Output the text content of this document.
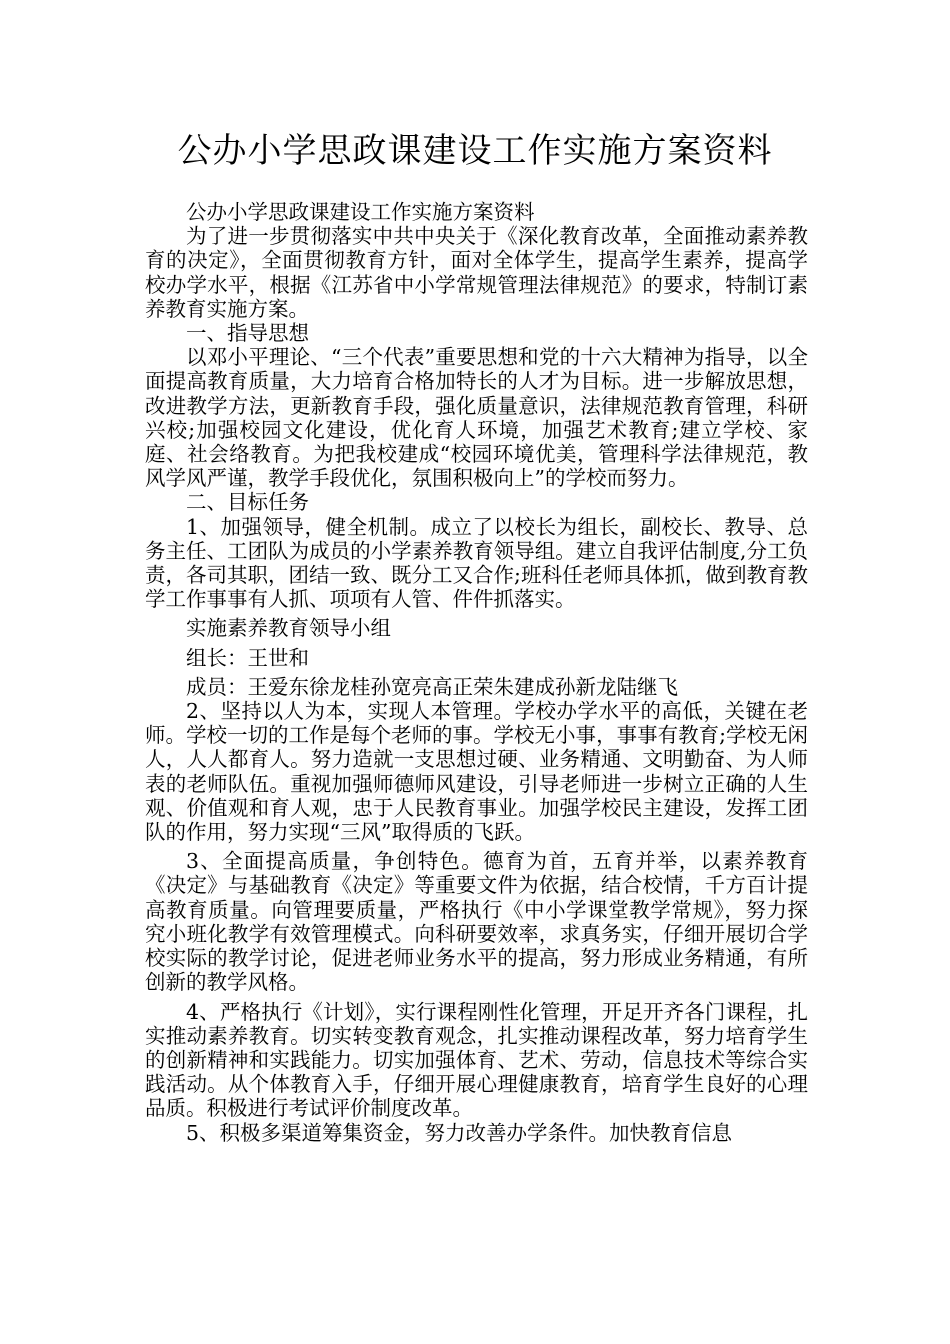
公办小学思政课建设工作实施方案资料

公办小学思政课建设工作实施方案资料

为了进一步贯彻落实中共中央关于《深化教育改革，全面推动素养教育的决定》，全面贯彻教育方针，面对全体学生，提高学生素养，提高学校办学水平，根据《江苏省中小学常规管理法律规范》的要求，特制订素养教育实施方案。

一、指导思想

以邓小平理论、“三个代表”重要思想和党的十六大精神为指导，以全面提高教育质量，大力培育合格加特长的人才为目标。进一步解放思想，改进教学方法，更新教育手段，强化质量意识，法律规范教育管理，科研兴校;加强校园文化建设，优化育人环境，加强艺术教育;建立学校、家庭、社会络教育。为把我校建成“校园环境优美，管理科学法律规范，教风学风严谨，教学手段优化，氛围积极向上”的学校而努力。

二、目标任务

1、加强领导，健全机制。成立了以校长为组长，副校长、教导、总务主任、工团队为成员的小学素养教育领导组。建立自我评估制度,分工负责，各司其职，团结一致、既分工又合作;班科任老师具体抓，做到教育教学工作事事有人抓、项项有人管、件件抓落实。

实施素养教育领导小组

组长：王世和

成员：王爱东徐龙桂孙宽亮高正荣朱建成孙新龙陆继飞

2、坚持以人为本，实现人本管理。学校办学水平的高低，关键在老师。学校一切的工作是每个老师的事。学校无小事，事事有教育;学校无闲人，人人都育人。努力造就一支思想过硬、业务精通、文明勤奋、为人师表的老师队伍。重视加强师德师风建设，引导老师进一步树立正确的人生观、价值观和育人观，忠于人民教育事业。加强学校民主建设，发挥工团队的作用，努力实现“三风”取得质的飞跃。

3、全面提高质量，争创特色。德育为首，五育并举，以素养教育《决定》与基础教育《决定》等重要文件为依据，结合校情，千方百计提高教育质量。向管理要质量，严格执行《中小学课堂教学常规》，努力探究小班化教学有效管理模式。向科研要效率，求真务实，仔细开展切合学校实际的教学讨论，促进老师业务水平的提高，努力形成业务精通，有所创新的教学风格。

4、严格执行《计划》，实行课程刚性化管理，开足开齐各门课程，扎实推动素养教育。切实转变教育观念，扎实推动课程改革，努力培育学生的创新精神和实践能力。切实加强体育、艺术、劳动，信息技术等综合实践活动。从个体教育入手，仔细开展心理健康教育，培育学生良好的心理品质。积极进行考试评价制度改革。

5、积极多渠道筹集资金，努力改善办学条件。加快教育信息
